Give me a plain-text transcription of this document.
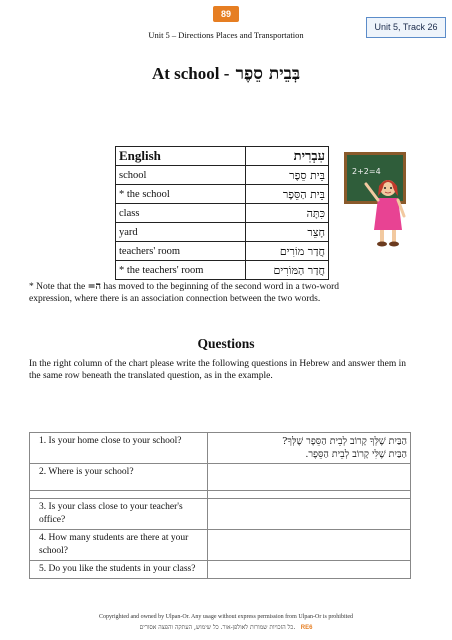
89
Unit 5 – Directions Places and Transportation
Unit 5, Track 26
At school - בְּבֵית סֵפֶר
English	עִבְרִית
school	בֵּית סֵפֶר
* the school	בֵּית הַסֵּפֶר
class	כִּתָּה
yard	חָצֵר
teachers' room	חֲדַר מוֹרִים
* the teachers' room	חֲדַר הַמּוֹרִים
2+2=4
* Note that the =ה has moved to the beginning of the second word in a two-word expression, where there is an association connection between the two words.
Questions
In the right column of the chart please write the following questions in Hebrew and answer them in the same row beneath the translated question, as in the example.
1. Is your home close to your school?	הַבַּיִת שֶׁלְּךָ קָרוֹב לְבֵית הַסֵּפֶר שֶׁלְּךָ?
הַבַּיִת שֶׁלִּי קָרוֹב לְבֵית הַסֵּפֶר.

2. Where is your school?	

3. Is your class close to your teacher's office?	
4. How many students are there at your school?	
5. Do you like the students in your class?	
Copyrighted and owned by Ulpan-Or. Any usage without express permission from Ulpan-Or is prohibited
כל הזכויות שמורות לאולפן-אור. כל שימוש, העתקה והפצה אסורים. RE6
